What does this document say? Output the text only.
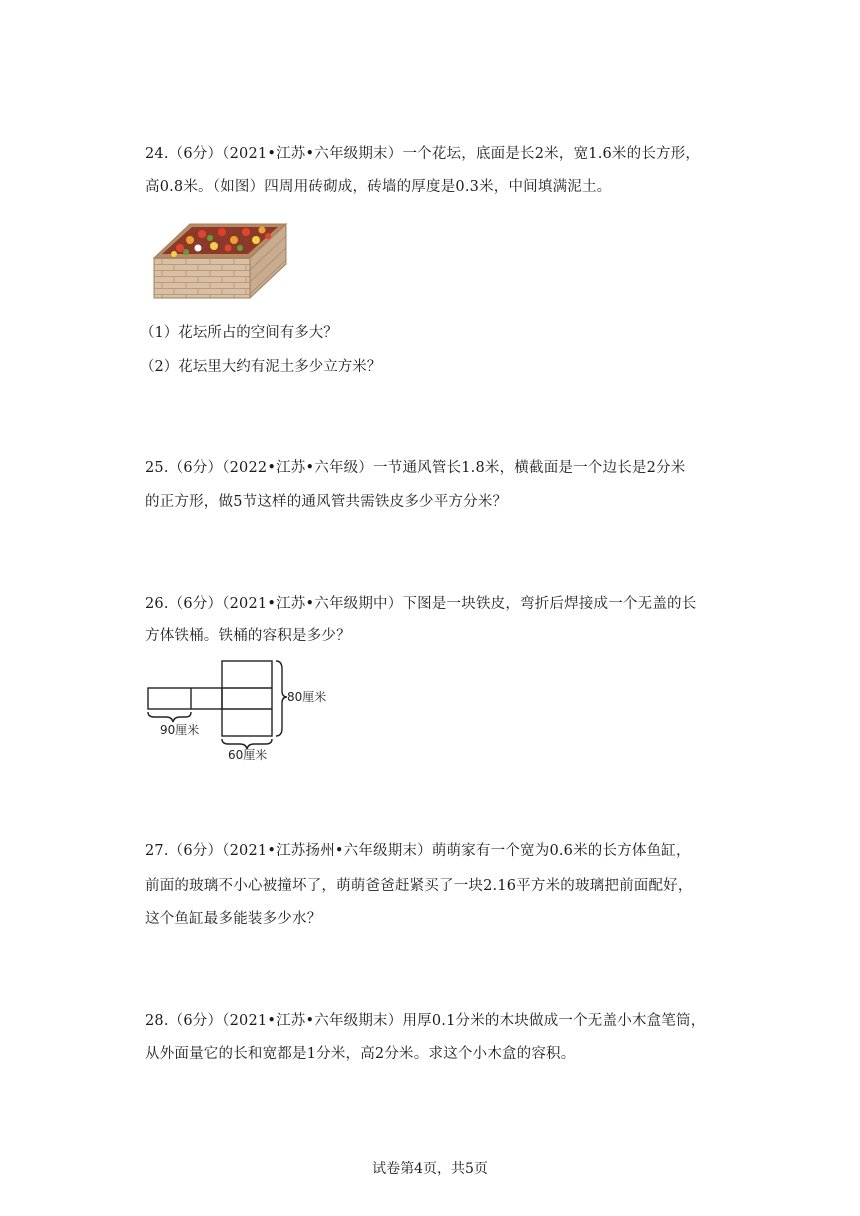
24.（6分）（2021•江苏•六年级期末）一个花坛，底面是长2米，宽1.6米的长方形，
高0.8米。（如图）四周用砖砌成，砖墙的厚度是0.3米，中间填满泥土。
（1）花坛所占的空间有多大？
（2）花坛里大约有泥土多少立方米？
25.（6分）（2022•江苏•六年级）一节通风管长1.8米，横截面是一个边长是2分米
的正方形，做5节这样的通风管共需铁皮多少平方分米？
26.（6分）（2021•江苏•六年级期中）下图是一块铁皮，弯折后焊接成一个无盖的长
方体铁桶。铁桶的容积是多少？
80厘米
90厘米
60厘米
27.（6分）（2021•江苏扬州•六年级期末）萌萌家有一个宽为0.6米的长方体鱼缸，
前面的玻璃不小心被撞坏了，萌萌爸爸赶紧买了一块2.16平方米的玻璃把前面配好，
这个鱼缸最多能装多少水？
28.（6分）（2021•江苏•六年级期末）用厚0.1分米的木块做成一个无盖小木盒笔筒，
从外面量它的长和宽都是1分米，高2分米。求这个小木盒的容积。
试卷第4页，共5页
